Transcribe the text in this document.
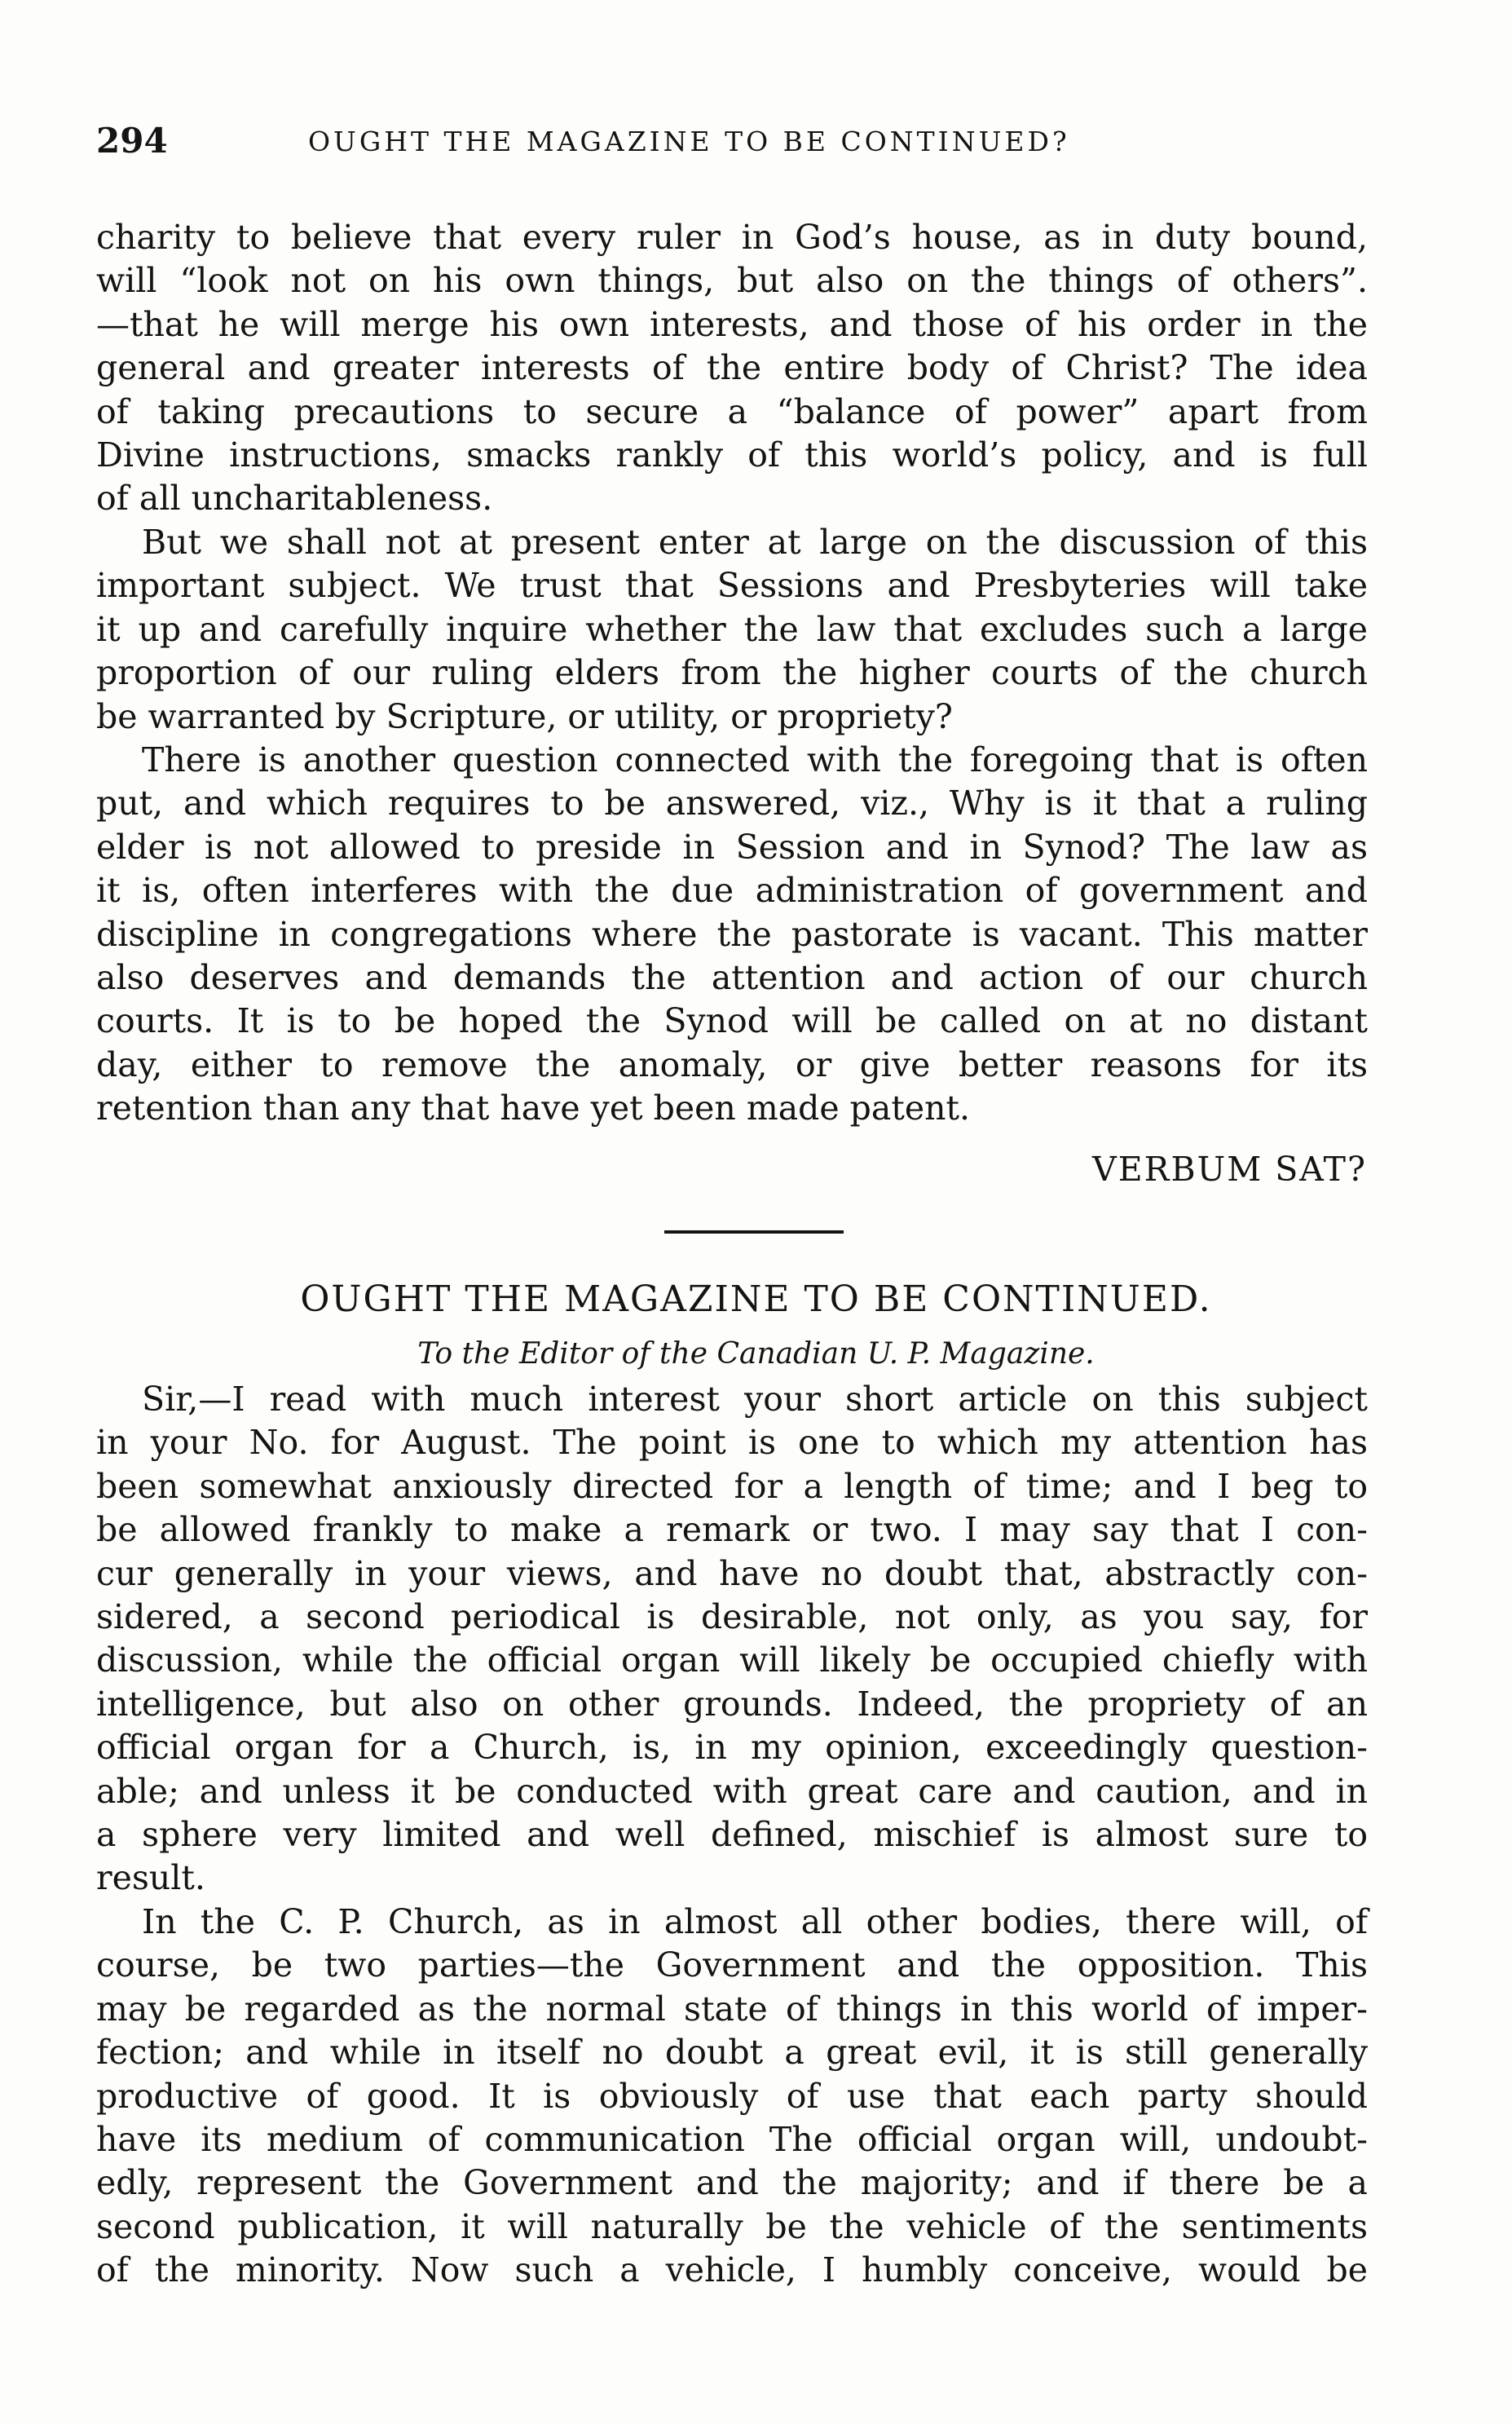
294	OUGHT THE MAGAZINE TO BE CONTINUED?
charity to believe that every ruler in God’s house, as in duty bound,
will “look not on his own things, but also on the things of others”.
—that he will merge his own interests, and those of his order in the
general and greater interests of the entire body of Christ? The idea
of taking precautions to secure a “balance of power” apart from
Divine instructions, smacks rankly of this world’s policy, and is full
of all uncharitableness.
But we shall not at present enter at large on the discussion of this
important subject. We trust that Sessions and Presbyteries will take
it up and carefully inquire whether the law that excludes such a large
proportion of our ruling elders from the higher courts of the church
be warranted by Scripture, or utility, or propriety?
There is another question connected with the foregoing that is often
put, and which requires to be answered, viz., Why is it that a ruling
elder is not allowed to preside in Session and in Synod? The law as
it is, often interferes with the due administration of government and
discipline in congregations where the pastorate is vacant. This matter
also deserves and demands the attention and action of our church
courts. It is to be hoped the Synod will be called on at no distant
day, either to remove the anomaly, or give better reasons for its
retention than any that have yet been made patent.
VERBUM SAT?
OUGHT THE MAGAZINE TO BE CONTINUED.
To the Editor of the Canadian U. P. Magazine.
Sir,—I read with much interest your short article on this subject
in your No. for August. The point is one to which my attention has
been somewhat anxiously directed for a length of time; and I beg to
be allowed frankly to make a remark or two. I may say that I con-
cur generally in your views, and have no doubt that, abstractly con-
sidered, a second periodical is desirable, not only, as you say, for
discussion, while the official organ will likely be occupied chiefly with
intelligence, but also on other grounds. Indeed, the propriety of an
official organ for a Church, is, in my opinion, exceedingly question-
able; and unless it be conducted with great care and caution, and in
a sphere very limited and well defined, mischief is almost sure to
result.
In the C. P. Church, as in almost all other bodies, there will, of
course, be two parties—the Government and the opposition. This
may be regarded as the normal state of things in this world of imper-
fection; and while in itself no doubt a great evil, it is still generally
productive of good. It is obviously of use that each party should
have its medium of communication The official organ will, undoubt-
edly, represent the Government and the majority; and if there be a
second publication, it will naturally be the vehicle of the sentiments
of the minority. Now such a vehicle, I humbly conceive, would be
